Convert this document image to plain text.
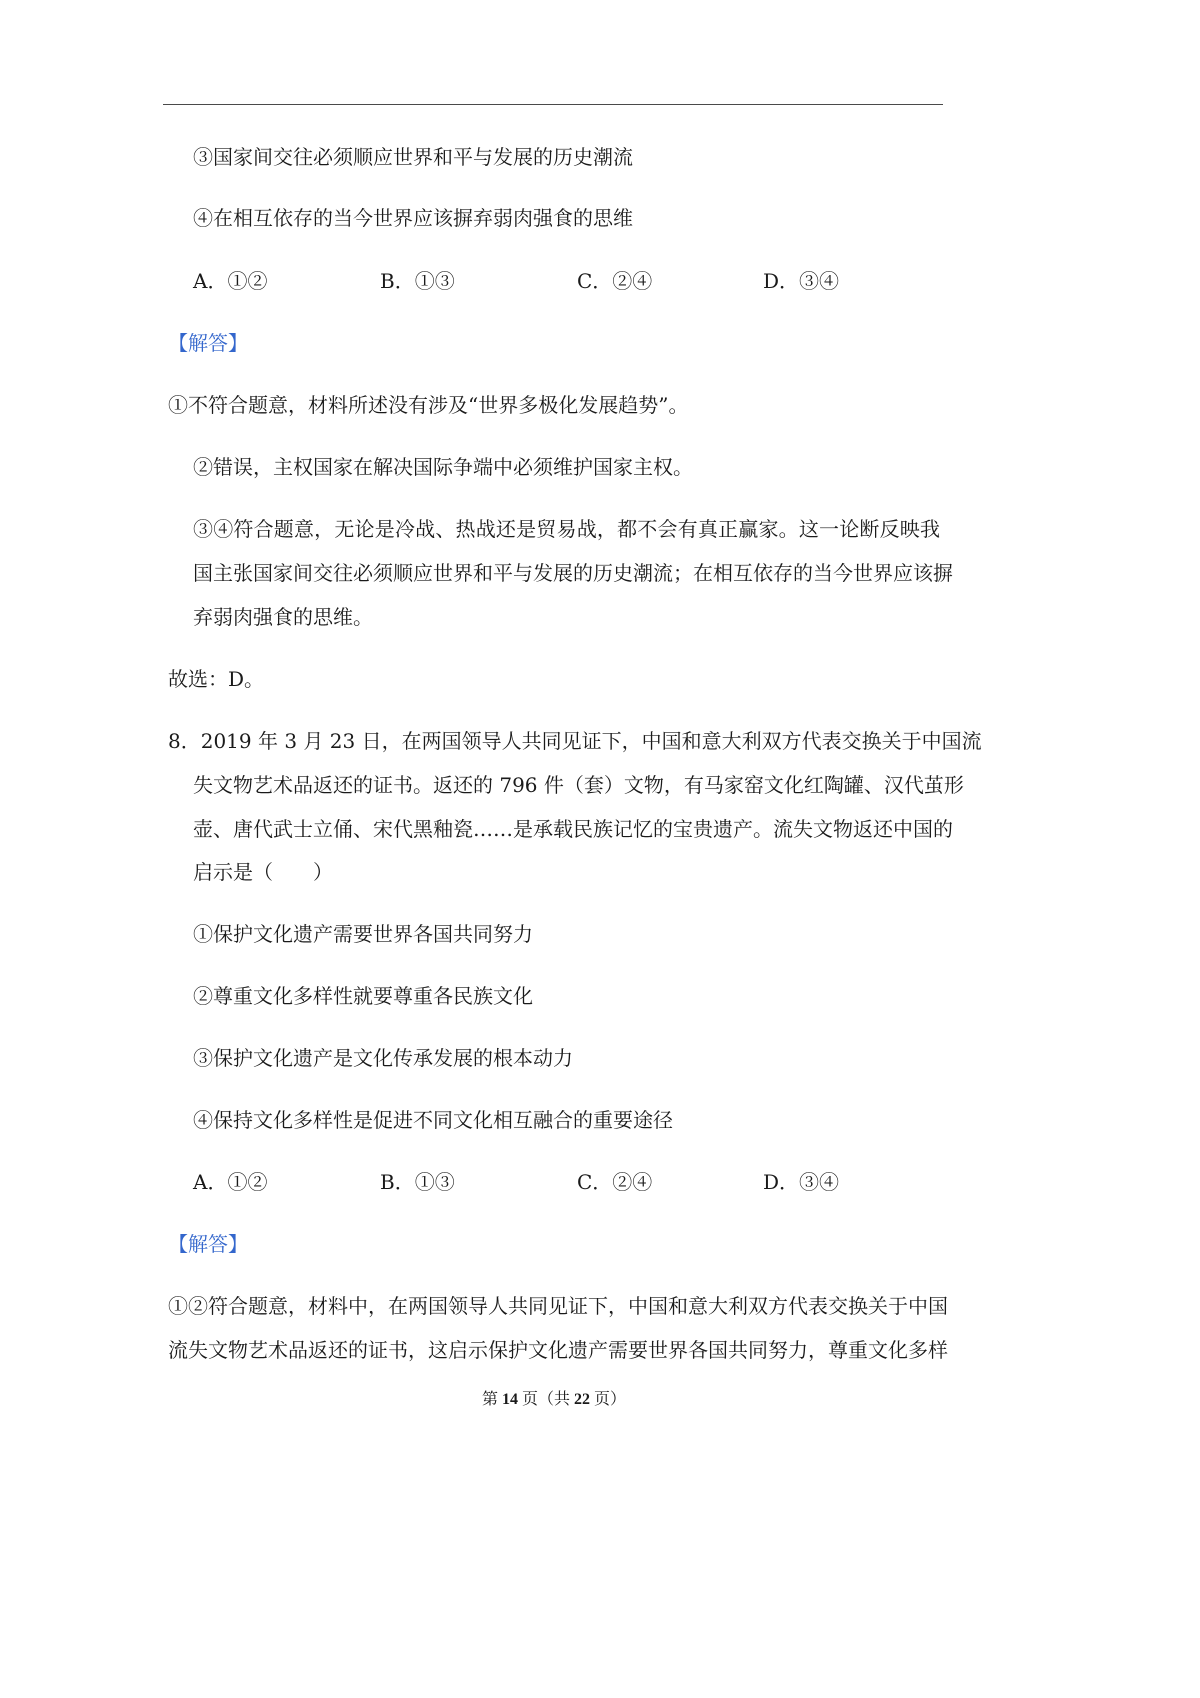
③国家间交往必须顺应世界和平与发展的历史潮流
④在相互依存的当今世界应该摒弃弱肉强食的思维
A．①②	B．①③	C．②④	D．③④
【解答】
①不符合题意，材料所述没有涉及“世界多极化发展趋势”。
②错误，主权国家在解决国际争端中必须维护国家主权。
③④符合题意，无论是冷战、热战还是贸易战，都不会有真正赢家。这一论断反映我
国主张国家间交往必须顺应世界和平与发展的历史潮流；在相互依存的当今世界应该摒
弃弱肉强食的思维。
故选：D。
8．2019 年 3 月 23 日，在两国领导人共同见证下，中国和意大利双方代表交换关于中国流
失文物艺术品返还的证书。返还的 796 件（套）文物，有马家窑文化红陶罐、汉代茧形
壶、唐代武士立俑、宋代黑釉瓷……是承载民族记忆的宝贵遗产。流失文物返还中国的
启示是（　　）
①保护文化遗产需要世界各国共同努力
②尊重文化多样性就要尊重各民族文化
③保护文化遗产是文化传承发展的根本动力
④保持文化多样性是促进不同文化相互融合的重要途径
A．①②	B．①③	C．②④	D．③④
【解答】
①②符合题意，材料中，在两国领导人共同见证下，中国和意大利双方代表交换关于中国
流失文物艺术品返还的证书，这启示保护文化遗产需要世界各国共同努力，尊重文化多样
第 14 页（共 22 页）
